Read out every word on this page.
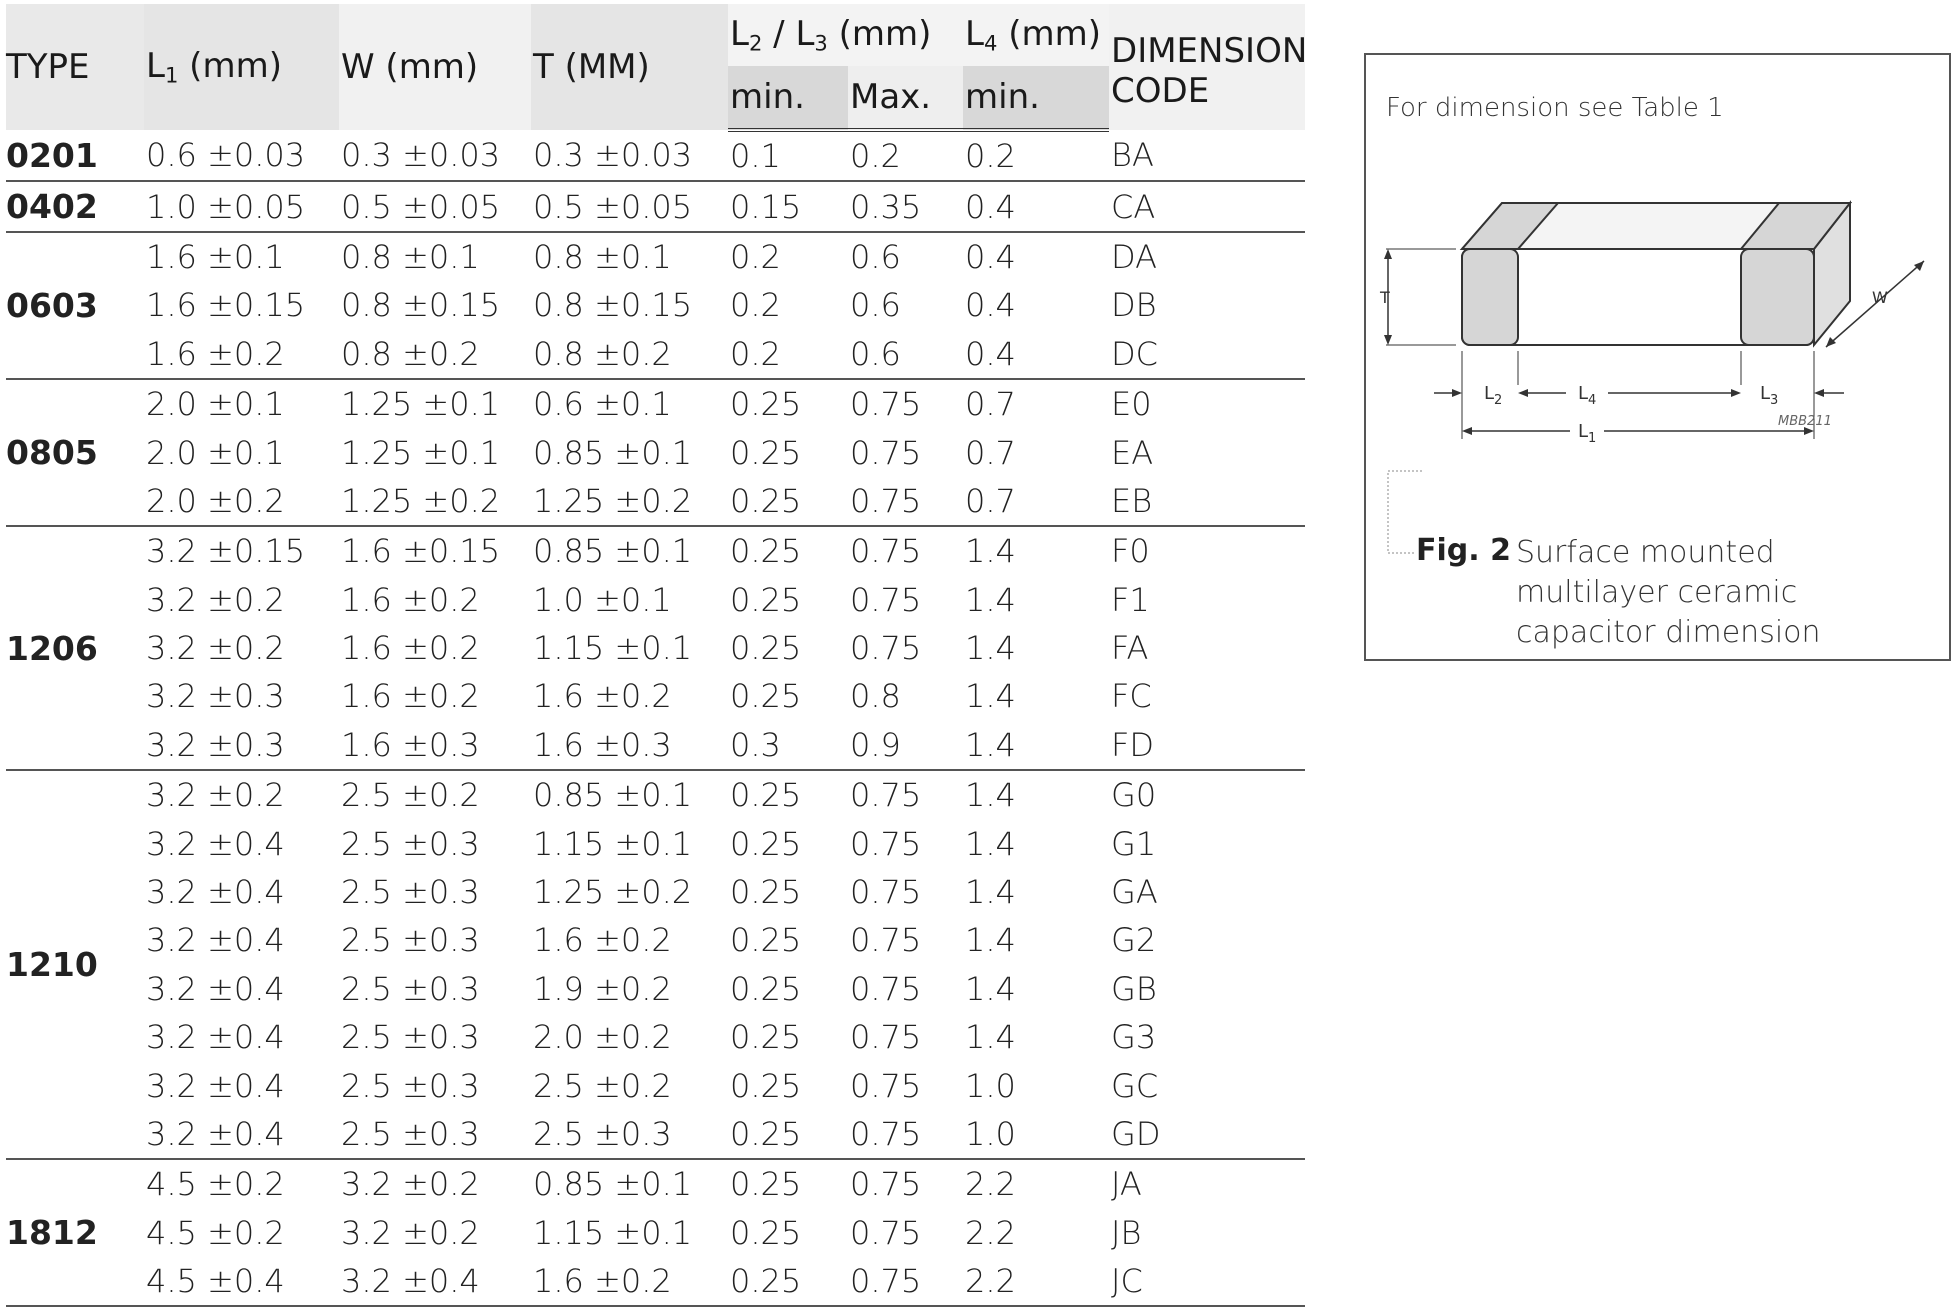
TYPE	$L_1$ (mm)	W (mm)	T (MM)	$L_2 / L_3$ (mm)		$L_4$ (mm)	DIMENSION
CODE
				min.	Max.	min.	
0201	0.6 ±0.03	0.3 ±0.03	0.3 ±0.03	0.1	0.2	0.2	BA
0402	1.0 ±0.05	0.5 ±0.05	0.5 ±0.05	0.15	0.35	0.4	CA
0603	1.6 ±0.1	0.8 ±0.1	0.8 ±0.1	0.2	0.6	0.4	DA
	1.6 ±0.15	0.8 ±0.15	0.8 ±0.15	0.2	0.6	0.4	DB
	1.6 ±0.2	0.8 ±0.2	0.8 ±0.2	0.2	0.6	0.4	DC
0805	2.0 ±0.1	1.25 ±0.1	0.6 ±0.1	0.25	0.75	0.7	E0
	2.0 ±0.1	1.25 ±0.1	0.85 ±0.1	0.25	0.75	0.7	EA
	2.0 ±0.2	1.25 ±0.2	1.25 ±0.2	0.25	0.75	0.7	EB
1206	3.2 ±0.15	1.6 ±0.15	0.85 ±0.1	0.25	0.75	1.4	F0
	3.2 ±0.2	1.6 ±0.2	1.0 ±0.1	0.25	0.75	1.4	F1
	3.2 ±0.2	1.6 ±0.2	1.15 ±0.1	0.25	0.75	1.4	FA
	3.2 ±0.3	1.6 ±0.2	1.6 ±0.2	0.25	0.8	1.4	FC
	3.2 ±0.3	1.6 ±0.3	1.6 ±0.3	0.3	0.9	1.4	FD
1210	3.2 ±0.2	2.5 ±0.2	0.85 ±0.1	0.25	0.75	1.4	G0
	3.2 ±0.4	2.5 ±0.3	1.15 ±0.1	0.25	0.75	1.4	G1
	3.2 ±0.4	2.5 ±0.3	1.25 ±0.2	0.25	0.75	1.4	GA
	3.2 ±0.4	2.5 ±0.3	1.6 ±0.2	0.25	0.75	1.4	G2
	3.2 ±0.4	2.5 ±0.3	1.9 ±0.2	0.25	0.75	1.4	GB
	3.2 ±0.4	2.5 ±0.3	2.0 ±0.2	0.25	0.75	1.4	G3
	3.2 ±0.4	2.5 ±0.3	2.5 ±0.2	0.25	0.75	1.0	GC
	3.2 ±0.4	2.5 ±0.3	2.5 ±0.3	0.25	0.75	1.0	GD
1812	4.5 ±0.2	3.2 ±0.2	0.85 ±0.1	0.25	0.75	2.2	JA
	4.5 ±0.2	3.2 ±0.2	1.15 ±0.1	0.25	0.75	2.2	JB
	4.5 ±0.4	3.2 ±0.4	1.6 ±0.2	0.25	0.75	2.2	JC
For dimension see Table 1
T	W
$L_2$	$L_4$	$L_3$
$L_1$
MBB211
Fig. 2 Surface mounted multilayer ceramic capacitor dimension
